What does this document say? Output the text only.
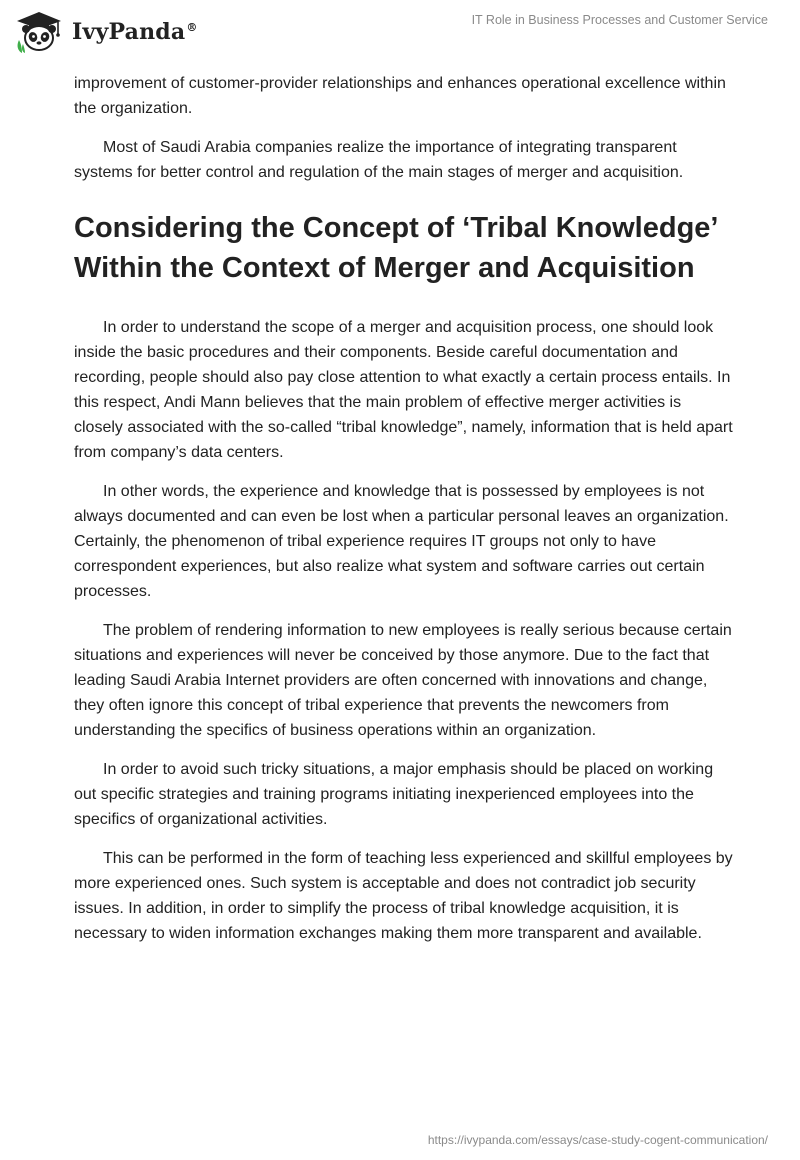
IvyPanda®
IT Role in Business Processes and Customer Service

improvement of customer-provider relationships and enhances operational excellence within the organization.

Most of Saudi Arabia companies realize the importance of integrating transparent systems for better control and regulation of the main stages of merger and acquisition.

Considering the Concept of ‘Tribal Knowledge’ Within the Context of Merger and Acquisition

In order to understand the scope of a merger and acquisition process, one should look inside the basic procedures and their components. Beside careful documentation and recording, people should also pay close attention to what exactly a certain process entails. In this respect, Andi Mann believes that the main problem of effective merger activities is closely associated with the so-called “tribal knowledge”, namely, information that is held apart from company’s data centers.

In other words, the experience and knowledge that is possessed by employees is not always documented and can even be lost when a particular personal leaves an organization. Certainly, the phenomenon of tribal experience requires IT groups not only to have correspondent experiences, but also realize what system and software carries out certain processes.

The problem of rendering information to new employees is really serious because certain situations and experiences will never be conceived by those anymore. Due to the fact that leading Saudi Arabia Internet providers are often concerned with innovations and change, they often ignore this concept of tribal experience that prevents the newcomers from understanding the specifics of business operations within an organization.

In order to avoid such tricky situations, a major emphasis should be placed on working out specific strategies and training programs initiating inexperienced employees into the specifics of organizational activities.

This can be performed in the form of teaching less experienced and skillful employees by more experienced ones. Such system is acceptable and does not contradict job security issues. In addition, in order to simplify the process of tribal knowledge acquisition, it is necessary to widen information exchanges making them more transparent and available.

https://ivypanda.com/essays/case-study-cogent-communication/
